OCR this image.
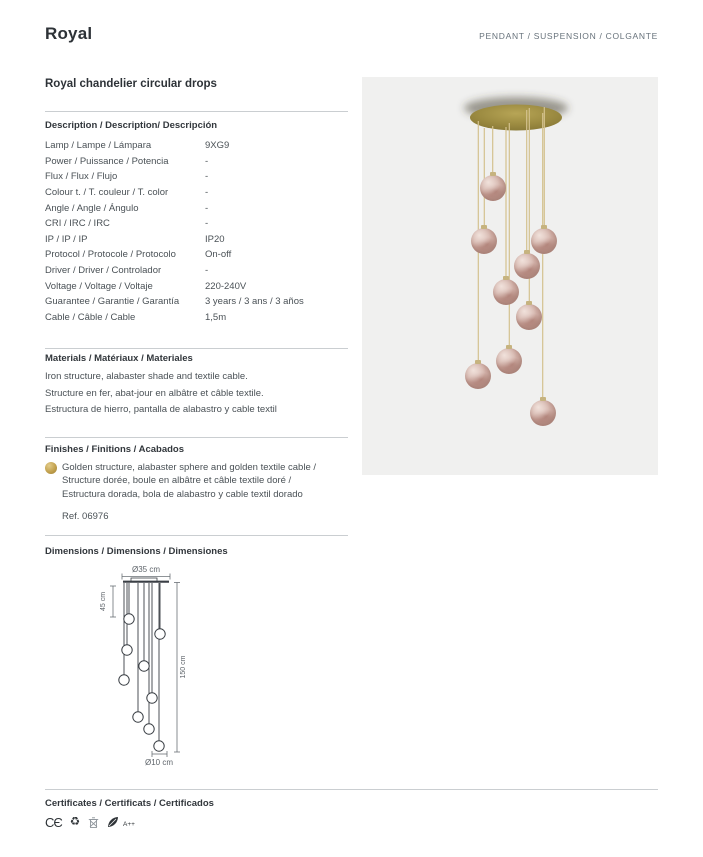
Royal	PENDANT / SUSPENSION / COLGANTE
Royal chandelier circular drops
Description / Description/ Descripción
Lamp / Lampe / Lámpara	9XG9
Power / Puissance / Potencia	-
Flux / Flux / Flujo	-
Colour t. / T. couleur / T. color	-
Angle / Angle / Ángulo	-
CRI / IRC / IRC	-
IP / IP / IP	IP20
Protocol / Protocole / Protocolo	On-off
Driver / Driver / Controlador	-
Voltage / Voltage / Voltaje	220-240V
Guarantee / Garantie / Garantía	3 years / 3 ans / 3 años
Cable / Câble / Cable	1,5m
Materials / Matériaux / Materiales
Iron structure, alabaster shade and textile cable.
Structure en fer, abat-jour en albâtre et câble textile.
Estructura de hierro, pantalla de alabastro y cable textil
Finishes / Finitions / Acabados
Golden structure, alabaster sphere and golden textile cable / Structure dorée, boule en albâtre et câble textile doré / Estructura dorada, bola de alabastro y cable textil dorado
Ref. 06976
Dimensions / Dimensions / Dimensiones
Ø35 cm
45 cm
150 cm
Ø10 cm
Certificates / Certificats / Certificados
CЄ ♻	A++
